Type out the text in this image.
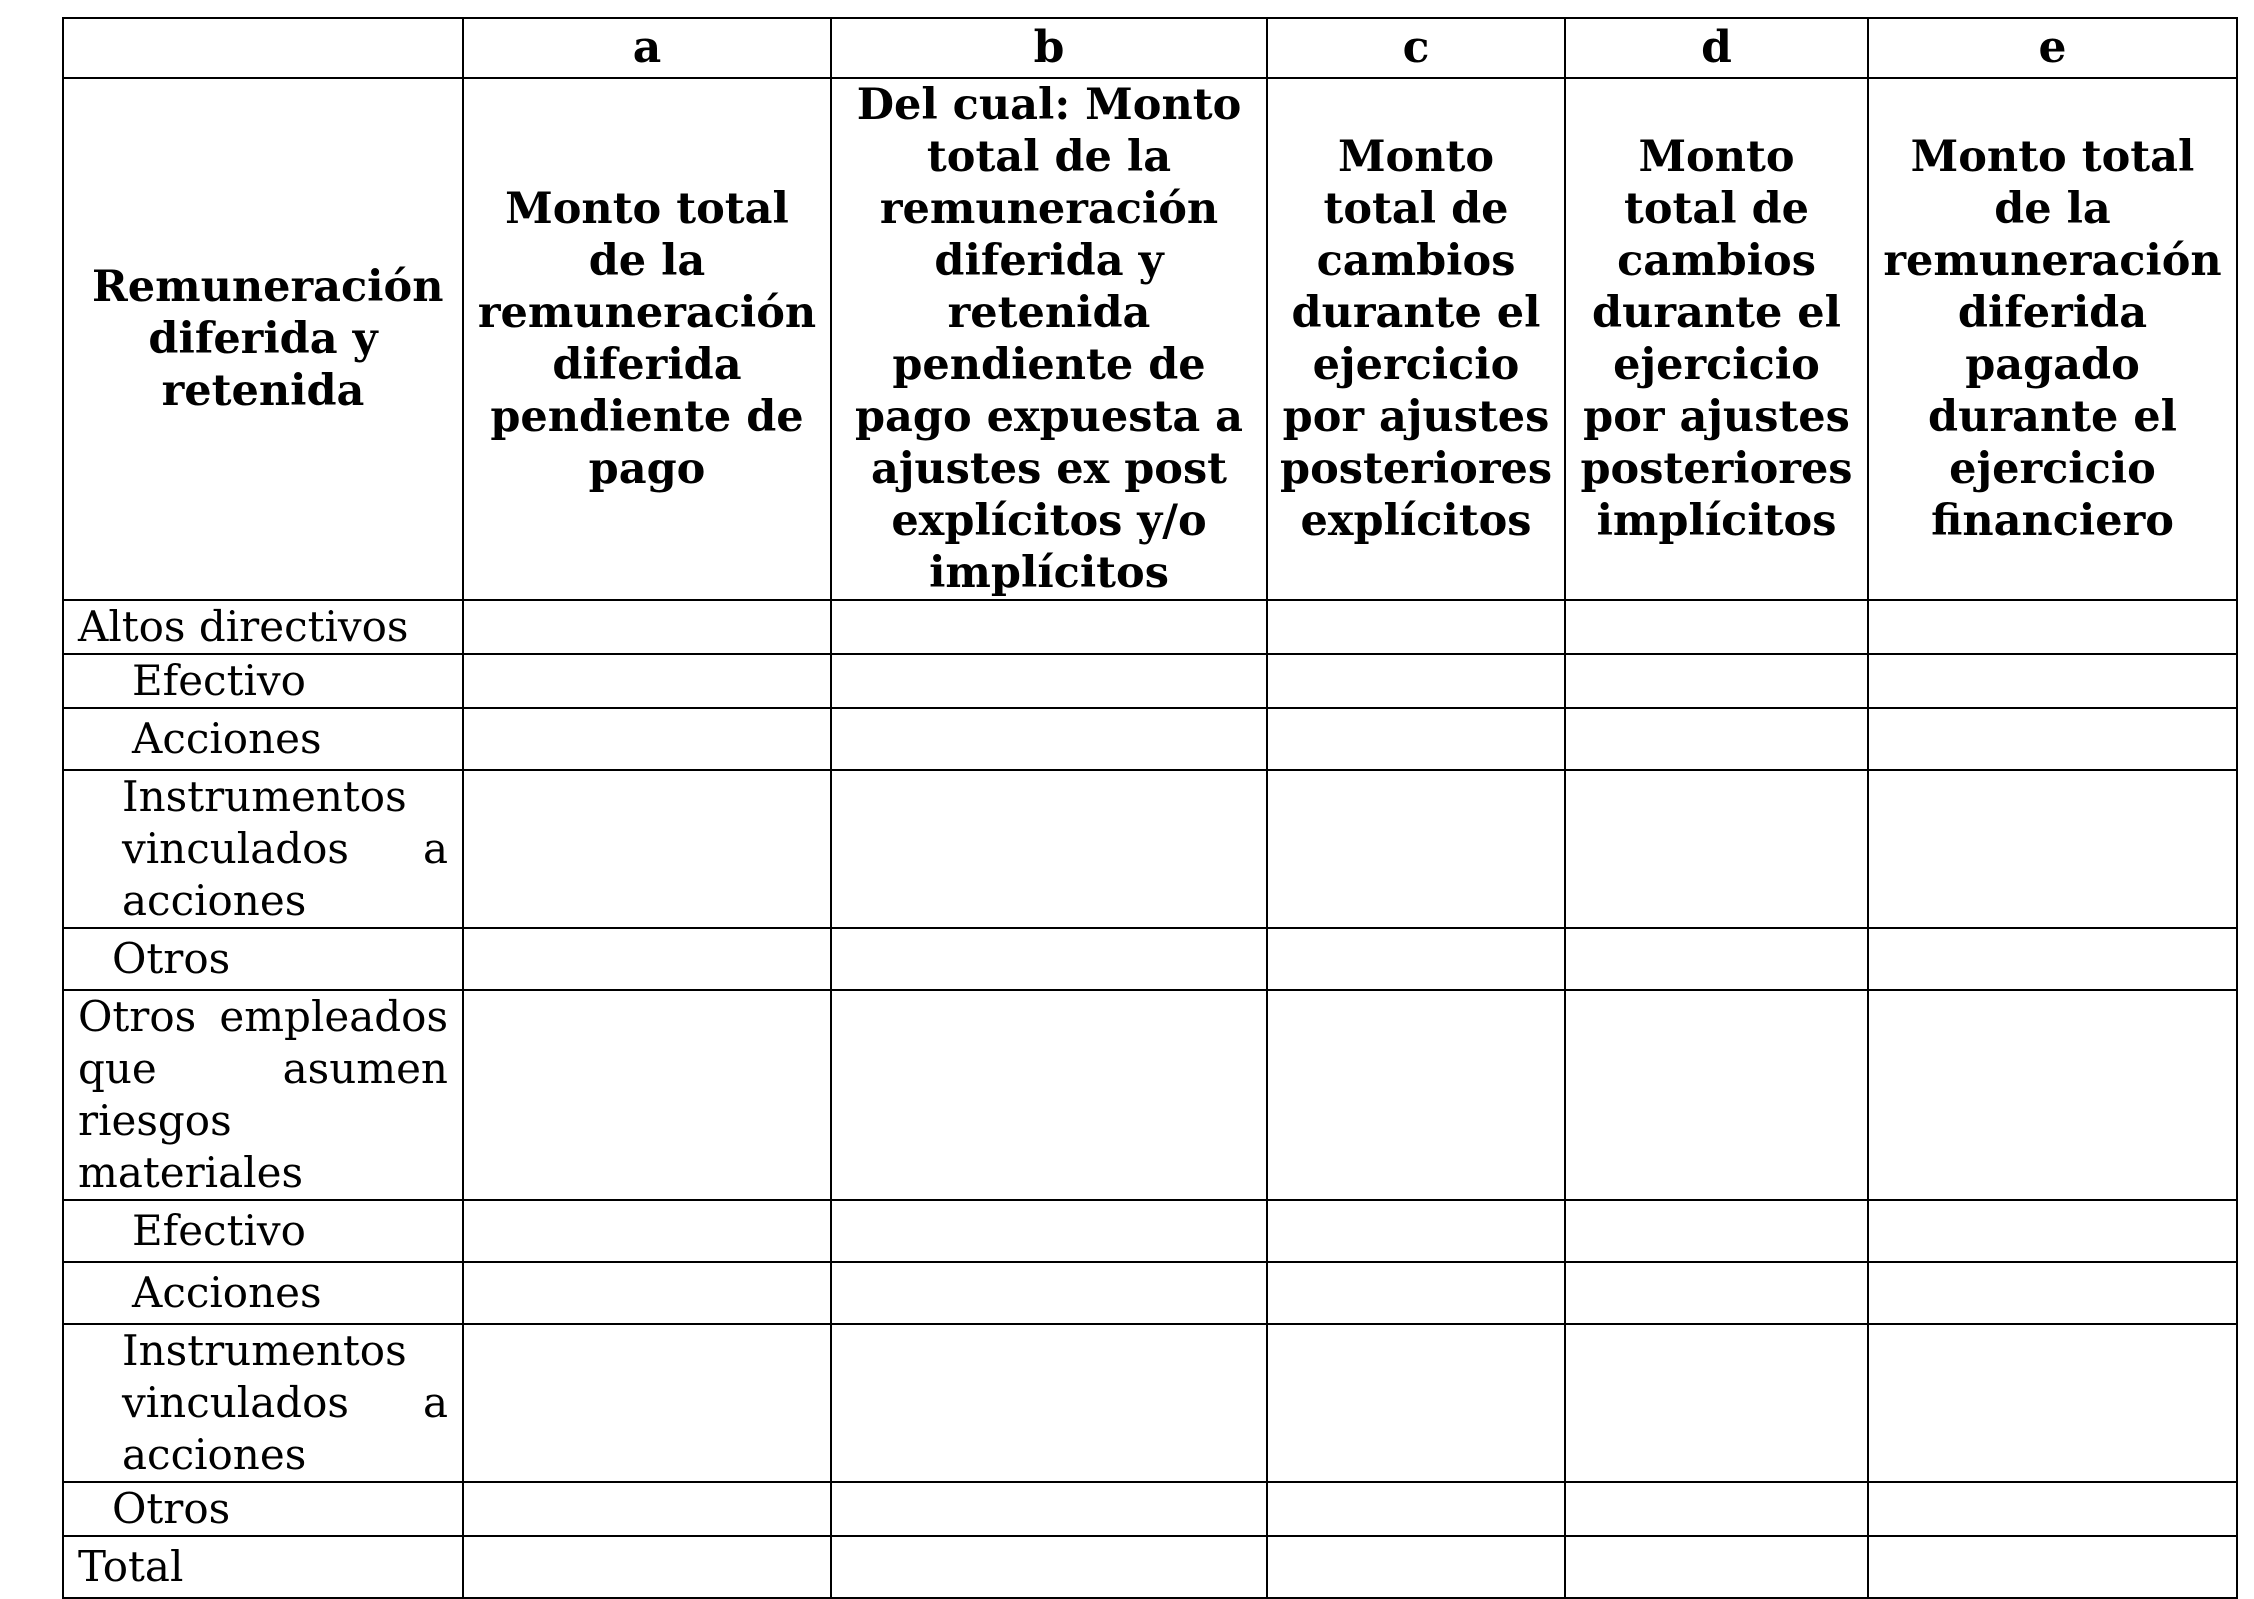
	a	b	c	d	e
Remuneración diferida y retenida	Monto total de la remuneración diferida pendiente de pago	Del cual: Monto total de la remuneración diferida y retenida pendiente de pago expuesta a ajustes ex post explícitos y/o implícitos	Monto total de cambios durante el ejercicio por ajustes posteriores explícitos	Monto total de cambios durante el ejercicio por ajustes posteriores implícitos	Monto total de la remuneración diferida pagado durante el ejercicio financiero
Altos directivos					
Efectivo					
Acciones					
Instrumentos vinculados a acciones					
Otros					
Otros empleados que asumen riesgos materiales					
Efectivo					
Acciones					
Instrumentos vinculados a acciones					
Otros					
Total					
